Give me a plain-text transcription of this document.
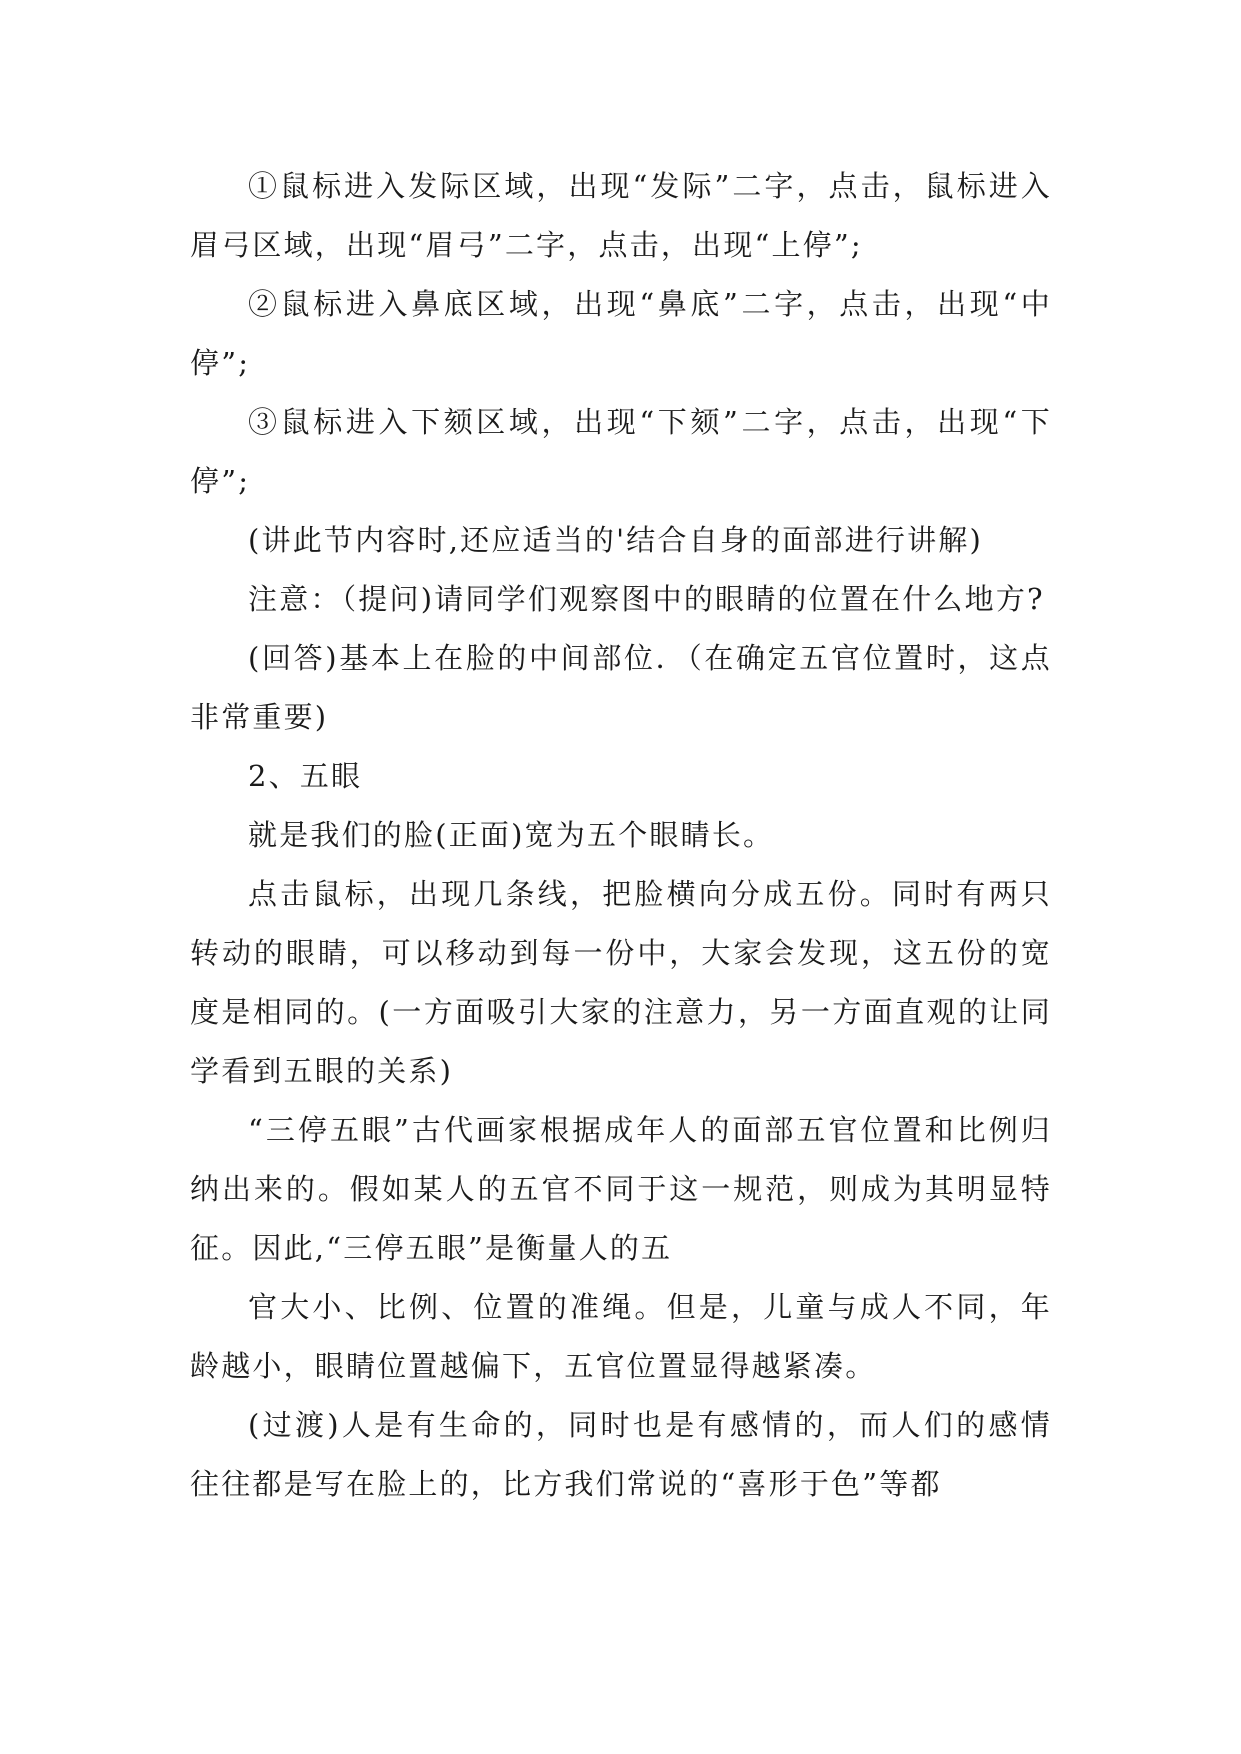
①鼠标进入发际区域，出现“发际”二字，点击，鼠标进入眉弓区域，出现“眉弓”二字，点击，出现“上停”;

②鼠标进入鼻底区域，出现“鼻底”二字，点击，出现“中停”;

③鼠标进入下颏区域，出现“下颏”二字，点击，出现“下停”;

(讲此节内容时,还应适当的'结合自身的面部进行讲解)

注意：（提问)请同学们观察图中的眼睛的位置在什么地方?

(回答)基本上在脸的中间部位．（在确定五官位置时，这点非常重要)

2、五眼

就是我们的脸(正面)宽为五个眼睛长。

点击鼠标，出现几条线，把脸横向分成五份。同时有两只转动的眼睛，可以移动到每一份中，大家会发现，这五份的宽度是相同的。(一方面吸引大家的注意力，另一方面直观的让同学看到五眼的关系)

“三停五眼”古代画家根据成年人的面部五官位置和比例归纳出来的。假如某人的五官不同于这一规范，则成为其明显特征。因此,“三停五眼”是衡量人的五

官大小、比例、位置的准绳。但是，儿童与成人不同，年龄越小，眼睛位置越偏下，五官位置显得越紧凑。

(过渡)人是有生命的，同时也是有感情的，而人们的感情往往都是写在脸上的，比方我们常说的“喜形于色”等都
